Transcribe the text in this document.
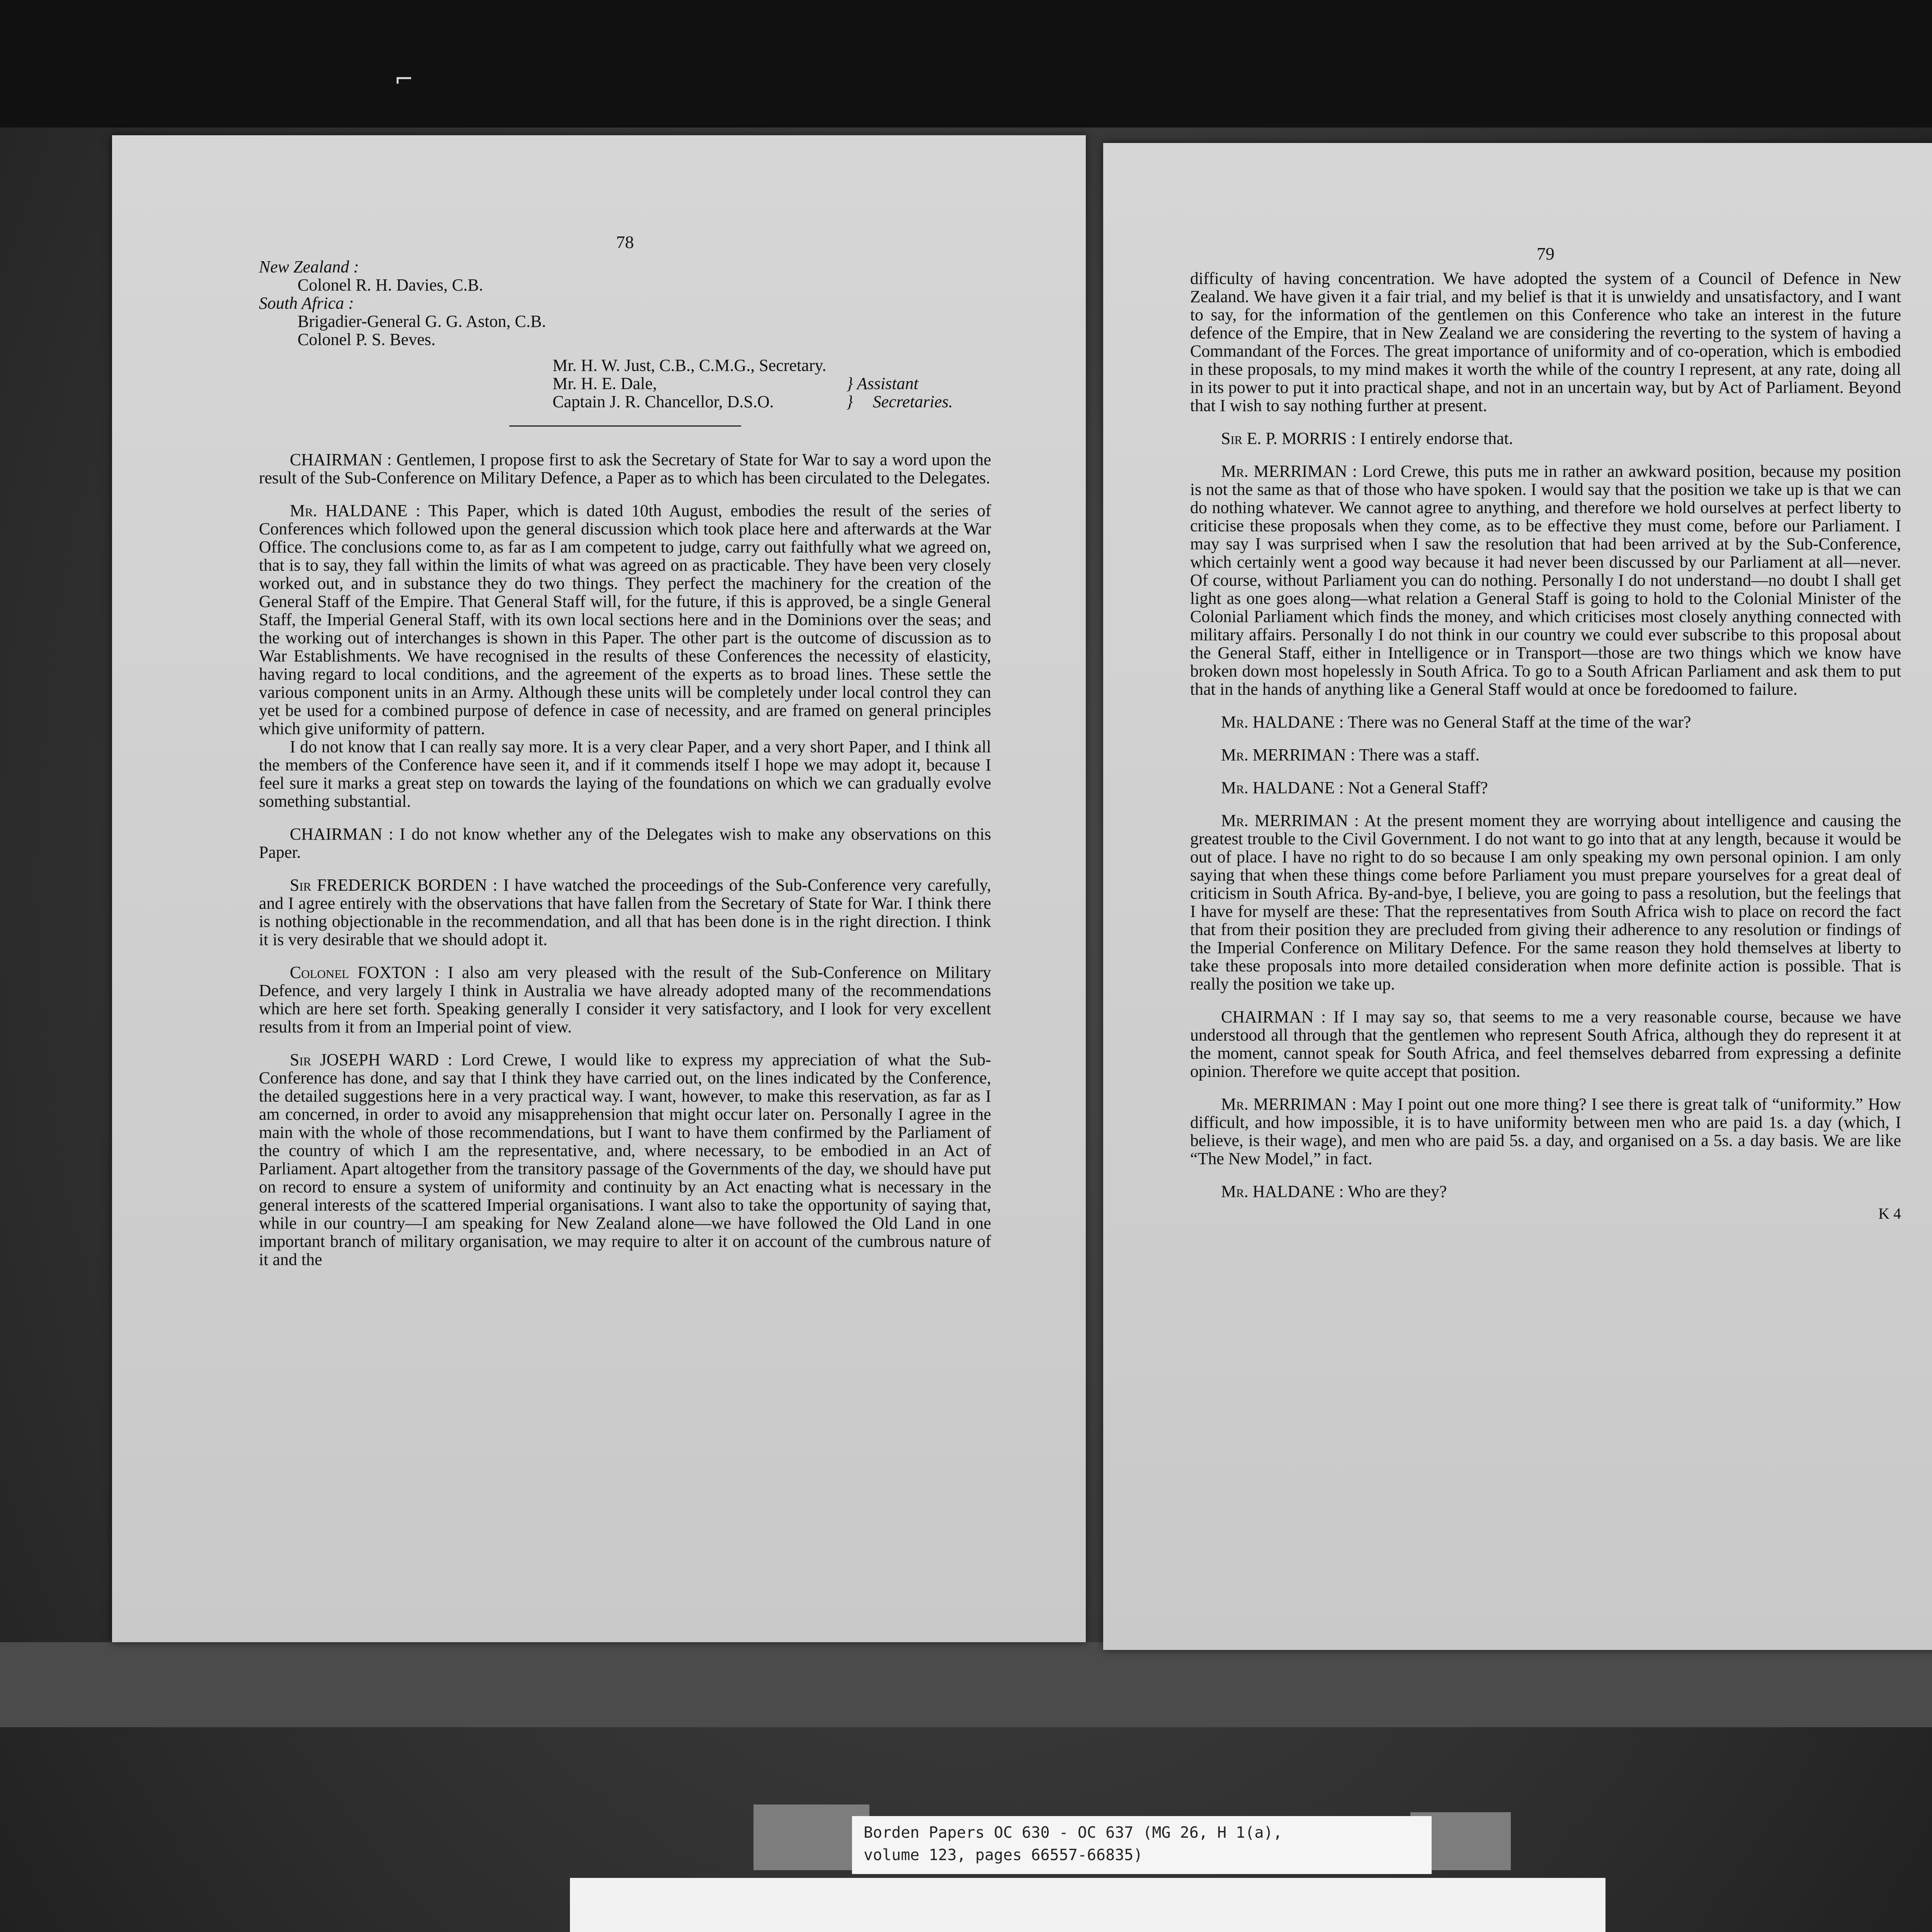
⌐
78
New Zealand :
Colonel R. H. Davies, C.B.
South Africa :
Brigadier-General G. G. Aston, C.B.
Colonel P. S. Beves.
Mr. H. W. Just, C.B., C.M.G., Secretary.
Mr. H. E. Dale,
Captain J. R. Chancellor, D.S.O.
} Assistant
} Secretaries.

CHAIRMAN : Gentlemen, I propose first to ask the Secretary of State for War to say a word upon the result of the Sub-Conference on Military Defence, a Paper as to which has been circulated to the Delegates.

Mr. HALDANE : This Paper, which is dated 10th August, embodies the result of the series of Conferences which followed upon the general discussion which took place here and afterwards at the War Office. The conclusions come to, as far as I am competent to judge, carry out faithfully what we agreed on, that is to say, they fall within the limits of what was agreed on as practicable. They have been very closely worked out, and in substance they do two things. They perfect the machinery for the creation of the General Staff of the Empire. That General Staff will, for the future, if this is approved, be a single General Staff, the Imperial General Staff, with its own local sections here and in the Dominions over the seas; and the working out of interchanges is shown in this Paper. The other part is the outcome of discussion as to War Establishments. We have recognised in the results of these Conferences the necessity of elasticity, having regard to local conditions, and the agreement of the experts as to broad lines. These settle the various component units in an Army. Although these units will be completely under local control they can yet be used for a combined purpose of defence in case of necessity, and are framed on general principles which give uniformity of pattern.

I do not know that I can really say more. It is a very clear Paper, and a very short Paper, and I think all the members of the Conference have seen it, and if it commends itself I hope we may adopt it, because I feel sure it marks a great step on towards the laying of the foundations on which we can gradually evolve something substantial.

CHAIRMAN : I do not know whether any of the Delegates wish to make any observations on this Paper.

Sir FREDERICK BORDEN : I have watched the proceedings of the Sub-Conference very carefully, and I agree entirely with the observations that have fallen from the Secretary of State for War. I think there is nothing objectionable in the recommendation, and all that has been done is in the right direction. I think it is very desirable that we should adopt it.

Colonel FOXTON : I also am very pleased with the result of the Sub-Conference on Military Defence, and very largely I think in Australia we have already adopted many of the recommendations which are here set forth. Speaking generally I consider it very satisfactory, and I look for very excellent results from it from an Imperial point of view.

Sir JOSEPH WARD : Lord Crewe, I would like to express my appreciation of what the Sub-Conference has done, and say that I think they have carried out, on the lines indicated by the Conference, the detailed suggestions here in a very practical way. I want, however, to make this reservation, as far as I am concerned, in order to avoid any misapprehension that might occur later on. Personally I agree in the main with the whole of those recommendations, but I want to have them confirmed by the Parliament of the country of which I am the representative, and, where necessary, to be embodied in an Act of Parliament. Apart altogether from the transitory passage of the Governments of the day, we should have put on record to ensure a system of uniformity and continuity by an Act enacting what is necessary in the general interests of the scattered Imperial organisations. I want also to take the opportunity of saying that, while in our country—I am speaking for New Zealand alone—we have followed the Old Land in one important branch of military organisation, we may require to alter it on account of the cumbrous nature of it and the

79

difficulty of having concentration. We have adopted the system of a Council of Defence in New Zealand. We have given it a fair trial, and my belief is that it is unwieldy and unsatisfactory, and I want to say, for the information of the gentlemen on this Conference who take an interest in the future defence of the Empire, that in New Zealand we are considering the reverting to the system of having a Commandant of the Forces. The great importance of uniformity and of co-operation, which is embodied in these proposals, to my mind makes it worth the while of the country I represent, at any rate, doing all in its power to put it into practical shape, and not in an uncertain way, but by Act of Parliament. Beyond that I wish to say nothing further at present.

Sir E. P. MORRIS : I entirely endorse that.

Mr. MERRIMAN : Lord Crewe, this puts me in rather an awkward position, because my position is not the same as that of those who have spoken. I would say that the position we take up is that we can do nothing whatever. We cannot agree to anything, and therefore we hold ourselves at perfect liberty to criticise these proposals when they come, as to be effective they must come, before our Parliament. I may say I was surprised when I saw the resolution that had been arrived at by the Sub-Conference, which certainly went a good way because it had never been discussed by our Parliament at all—never. Of course, without Parliament you can do nothing. Personally I do not understand—no doubt I shall get light as one goes along—what relation a General Staff is going to hold to the Colonial Minister of the Colonial Parliament which finds the money, and which criticises most closely anything connected with military affairs. Personally I do not think in our country we could ever subscribe to this proposal about the General Staff, either in Intelligence or in Transport—those are two things which we know have broken down most hopelessly in South Africa. To go to a South African Parliament and ask them to put that in the hands of anything like a General Staff would at once be foredoomed to failure.

Mr. HALDANE : There was no General Staff at the time of the war?

Mr. MERRIMAN : There was a staff.

Mr. HALDANE : Not a General Staff?

Mr. MERRIMAN : At the present moment they are worrying about intelligence and causing the greatest trouble to the Civil Government. I do not want to go into that at any length, because it would be out of place. I have no right to do so because I am only speaking my own personal opinion. I am only saying that when these things come before Parliament you must prepare yourselves for a great deal of criticism in South Africa. By-and-bye, I believe, you are going to pass a resolution, but the feelings that I have for myself are these: That the representatives from South Africa wish to place on record the fact that from their position they are precluded from giving their adherence to any resolution or findings of the Imperial Conference on Military Defence. For the same reason they hold themselves at liberty to take these proposals into more detailed consideration when more definite action is possible. That is really the position we take up.

CHAIRMAN : If I may say so, that seems to me a very reasonable course, because we have understood all through that the gentlemen who represent South Africa, although they do represent it at the moment, cannot speak for South Africa, and feel themselves debarred from expressing a definite opinion. Therefore we quite accept that position.

Mr. MERRIMAN : May I point out one more thing? I see there is great talk of “uniformity.” How difficult, and how impossible, it is to have uniformity between men who are paid 1s. a day (which, I believe, is their wage), and men who are paid 5s. a day, and organised on a 5s. a day basis. We are like “The New Model,” in fact.

Mr. HALDANE : Who are they?

K 4
Borden Papers OC 630 - OC 637 (MG 26, H 1(a),
volume 123, pages 66557-66835)
